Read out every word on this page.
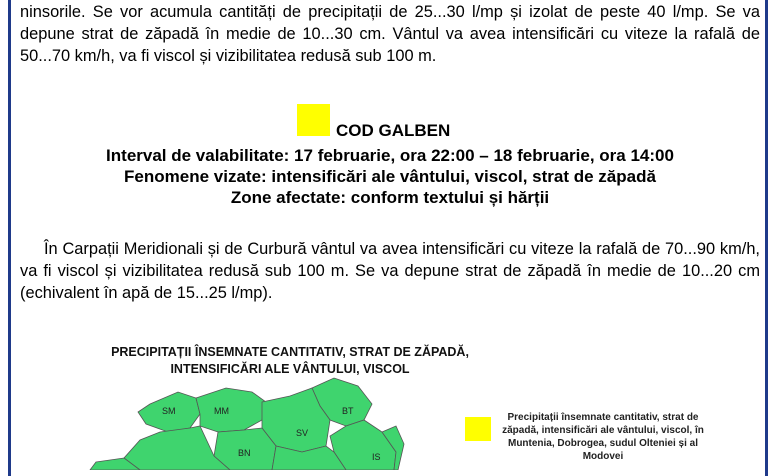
ninsorile. Se vor acumula cantități de precipitații de 25...30 l/mp și izolat de peste 40 l/mp. Se va depune strat de zăpadă în medie de 10...30 cm. Vântul va avea intensificări cu viteze la rafală de 50...70 km/h, va fi viscol și vizibilitatea redusă sub 100 m.

COD GALBEN
Interval de valabilitate: 17 februarie, ora 22:00 – 18 februarie, ora 14:00
Fenomene vizate: intensificări ale vântului, viscol, strat de zăpadă
Zone afectate: conform textului și hărții

În Carpații Meridionali și de Curbură vântul va avea intensificări cu viteze la rafală de 70...90 km/h, va fi viscol și vizibilitatea redusă sub 100 m. Se va depune strat de zăpadă în medie de 10...20 cm (echivalent în apă de 15...25 l/mp).

PRECIPITAȚII ÎNSEMNATE CANTITATIV, STRAT DE ZĂPADĂ,
INTENSIFICĂRI ALE VÂNTULUI, VISCOL
SM	MM	BT
SV
BN	IS
Precipitații însemnate cantitativ, strat de zăpadă, intensificări ale vântului, viscol, în Muntenia, Dobrogea, sudul Olteniei și al Modovei
